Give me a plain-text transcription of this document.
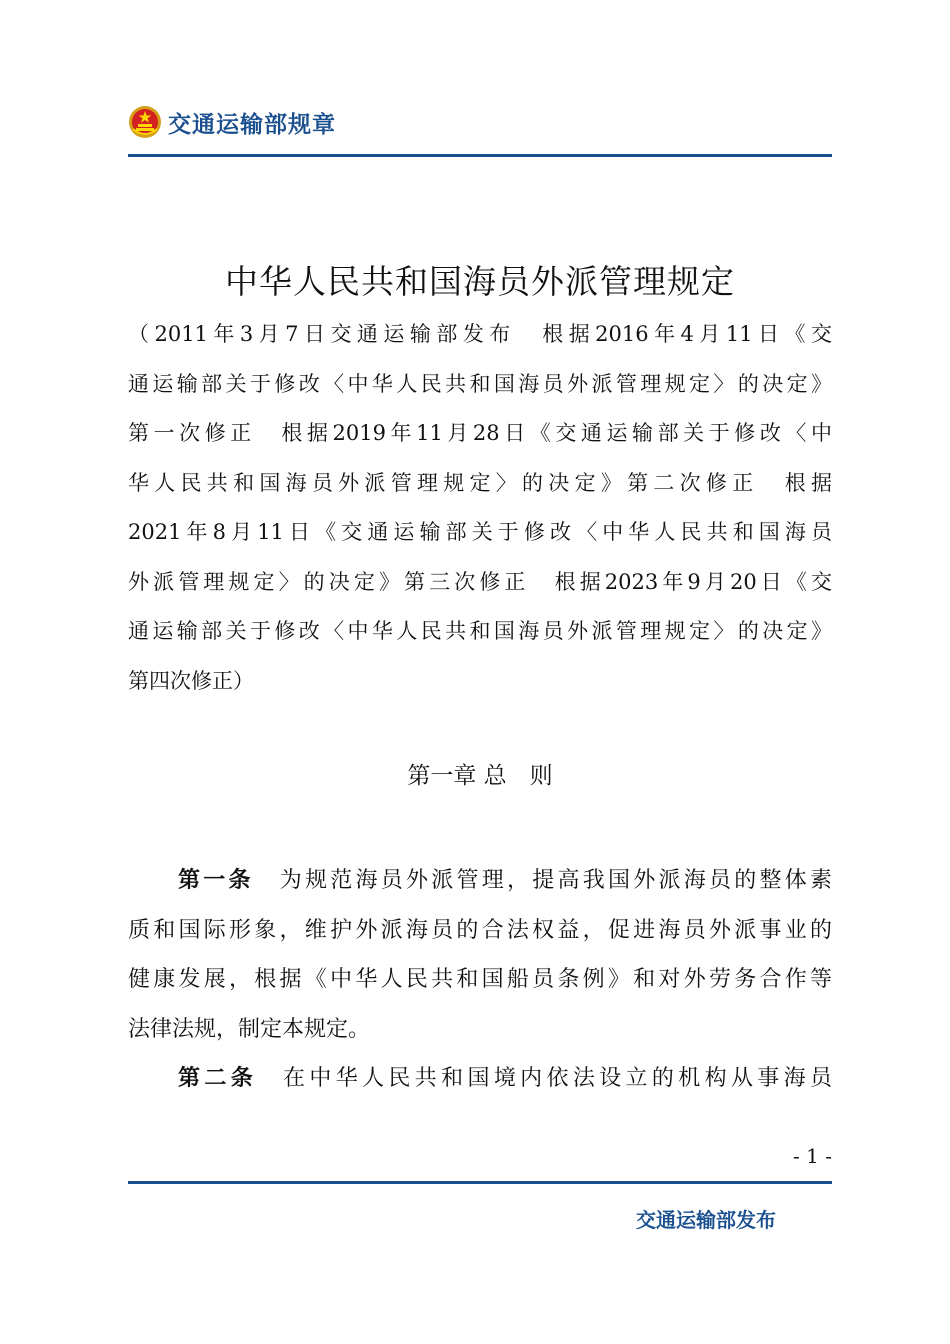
交通运输部规章
中华人民共和国海员外派管理规定
（2011年3月7日交通运输部发布　根据2016年4月11日《交
通运输部关于修改〈中华人民共和国海员外派管理规定〉的决定》
第一次修正　根据2019年11月28日《交通运输部关于修改〈中
华人民共和国海员外派管理规定〉的决定》第二次修正　根据
2021年8月11日《交通运输部关于修改〈中华人民共和国海员
外派管理规定〉的决定》第三次修正　根据2023年9月20日《交
通运输部关于修改〈中华人民共和国海员外派管理规定〉的决定》
第四次修正）
第一章 总　则
第一条 为规范海员外派管理，提高我国外派海员的整体素
质和国际形象，维护外派海员的合法权益，促进海员外派事业的
健康发展，根据《中华人民共和国船员条例》和对外劳务合作等
法律法规，制定本规定。
第二条 在中华人民共和国境内依法设立的机构从事海员
- 1 -
交通运输部发布
